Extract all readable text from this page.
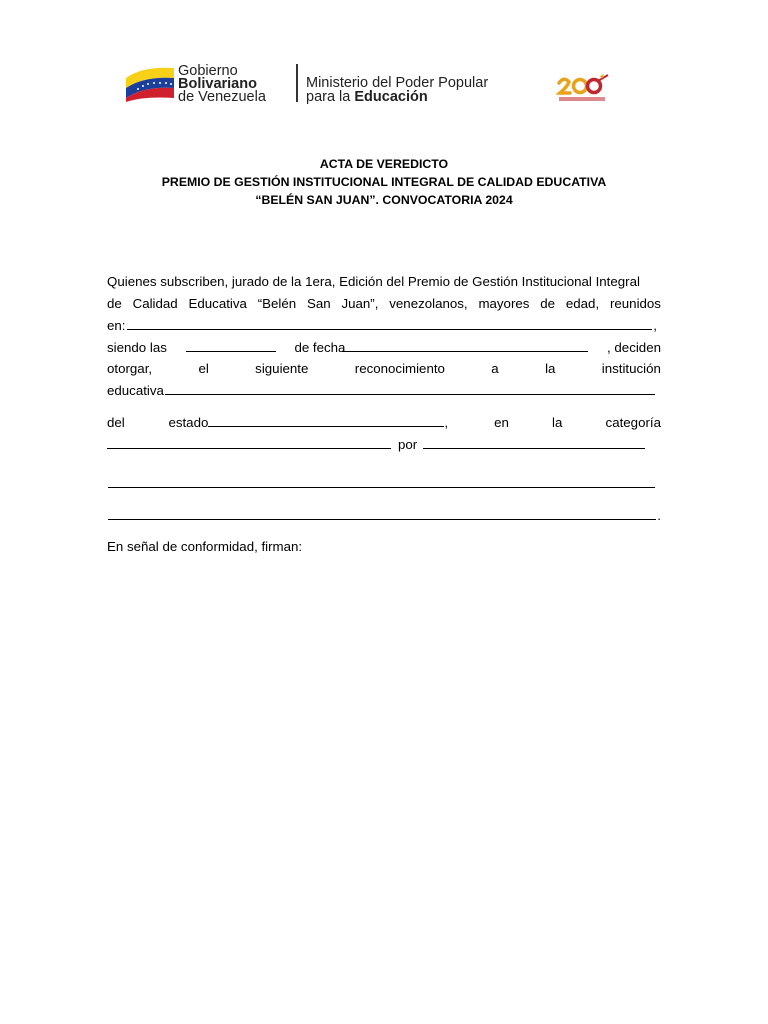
Gobierno
Bolivariano
de Venezuela
Ministerio del Poder Popular
para la Educación
ACTA DE VEREDICTO
PREMIO DE GESTIÓN INSTITUCIONAL INTEGRAL DE CALIDAD EDUCATIVA
“BELÉN SAN JUAN”. CONVOCATORIA 2024
Quienes subscriben, jurado de la 1era, Edición del Premio de Gestión Institucional Integral
de Calidad Educativa “Belén San Juan”, venezolanos, mayores de edad, reunidos
en:	,
siendo las	de fecha	, deciden
otorgar,	el	siguiente	reconocimiento	a	la	institución
educativa
del estado	,	en	la	categoría
por
.
En señal de conformidad, firman:
